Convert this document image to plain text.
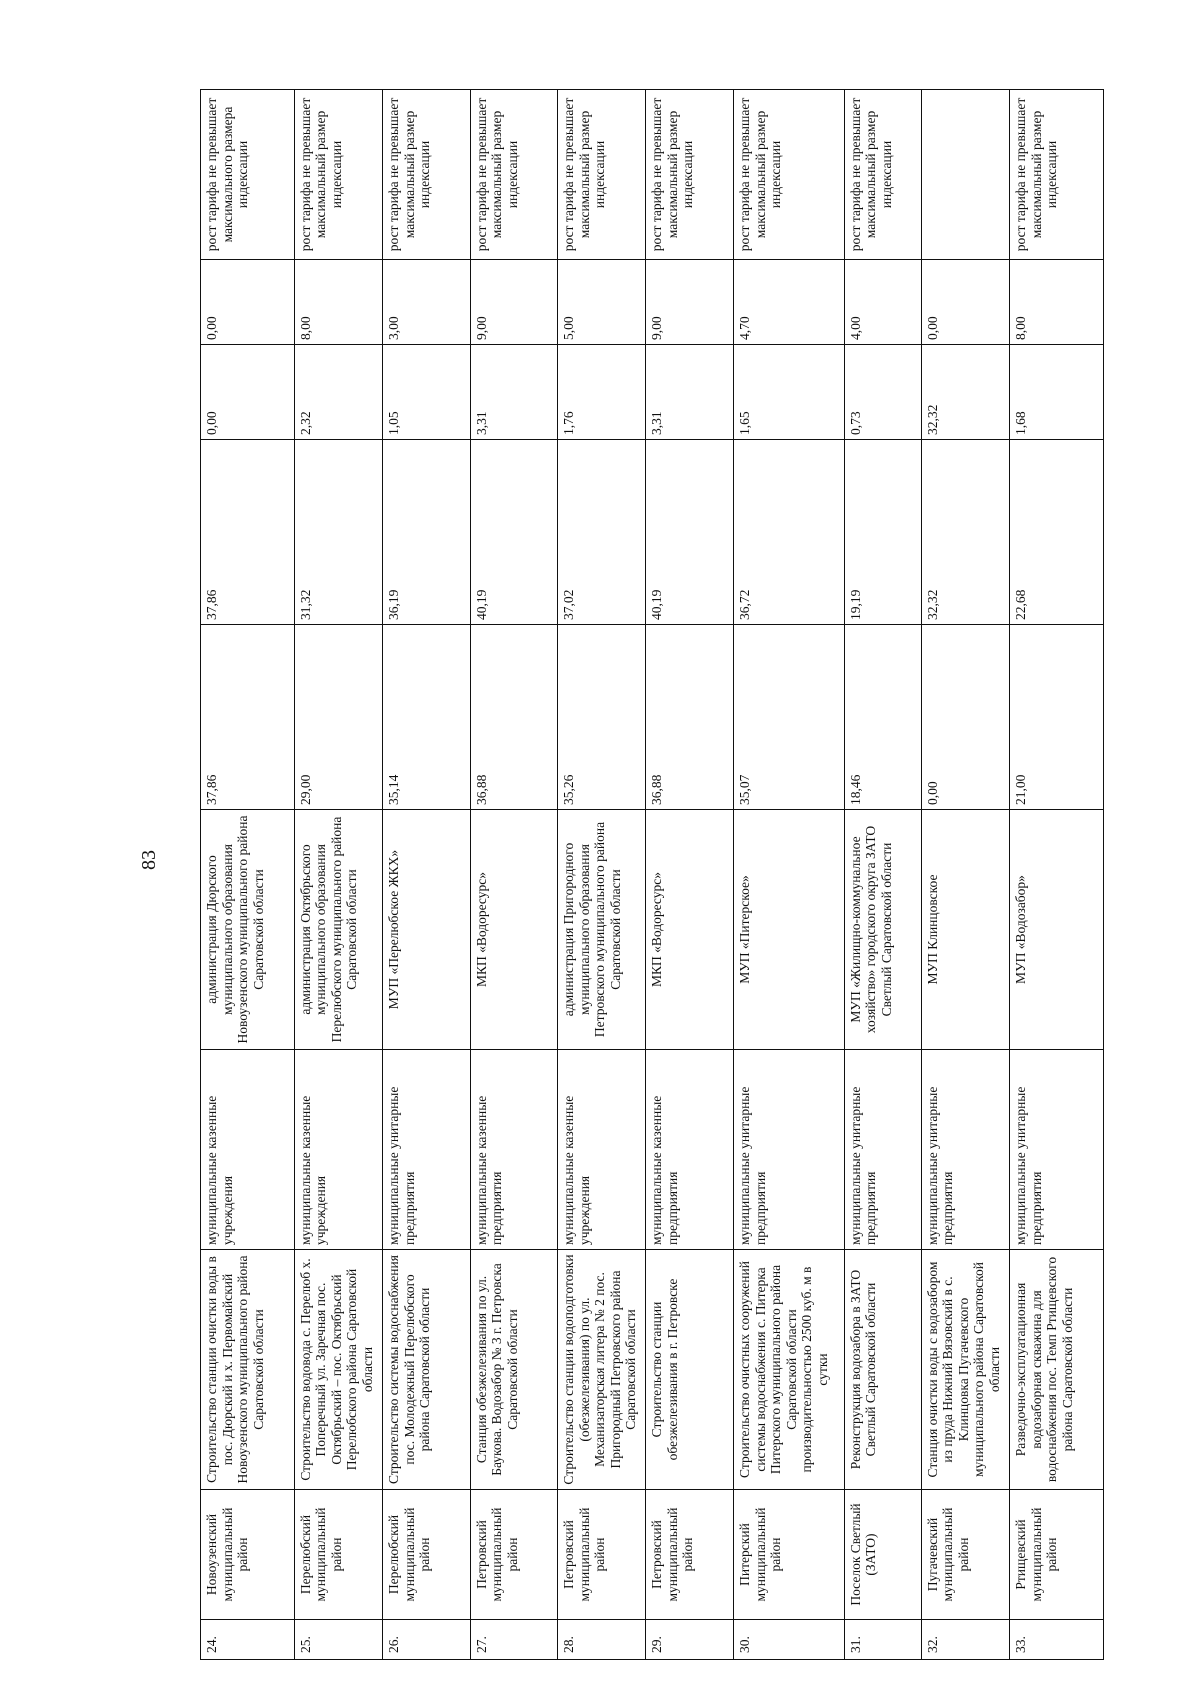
83
24.	Новоузенский муниципальный район	Строительство станции очистки воды в пос. Дюрский и х. Первомайский Новоузенского муниципального района Саратовской области	муниципальные казенные учреждения	администрация Дюрского муниципального образования Новоузенского муниципального района Саратовской области	37,86	37,86	0,00	0,00	рост тарифа не превышает максимального размера индексации
25.	Перелюбский муниципальный район	Строительство водовода с. Перелюб х. Поперечный ул. Заречная пос. Октябрьский – пос. Октябрьский Перелюбского района Саратовской области	муниципальные казенные учреждения	администрация Октябрьского муниципального образования Перелюбского муниципального района Саратовской области	29,00	31,32	2,32	8,00	рост тарифа не превышает максимальный размер индексации
26.	Перелюбский муниципальный район	Строительство системы водоснабжения пос. Молодежный Перелюбского района Саратовской области	муниципальные унитарные предприятия	МУП «Перелюбское ЖКХ»	35,14	36,19	1,05	3,00	рост тарифа не превышает максимальный размер индексации
27.	Петровский муниципальный район	Станция обезжелезивания по ул. Баукова. Водозабор № 3 г. Петровска Саратовской области	муниципальные казенные предприятия	МКП «Водоресурс»	36,88	40,19	3,31	9,00	рост тарифа не превышает максимальный размер индексации
28.	Петровский муниципальный район	Строительство станции водоподготовки (обезжелезивания) по ул. Механизаторская литера № 2 пос. Пригородный Петровского района Саратовской области	муниципальные казенные учреждения	администрация Пригородного муниципального образования Петровского муниципального района Саратовской области	35,26	37,02	1,76	5,00	рост тарифа не превышает максимальный размер индексации
29.	Петровский муниципальный район	Строительство станции обезжелезивания в г. Петровске	муниципальные казенные предприятия	МКП «Водоресурс»	36,88	40,19	3,31	9,00	рост тарифа не превышает максимальный размер индексации
30.	Питерский муниципальный район	Строительство очистных сооружений системы водоснабжения с. Питерка Питерского муниципального района Саратовской области производительностью 2500 куб. м в сутки	муниципальные унитарные предприятия	МУП «Питерское»	35,07	36,72	1,65	4,70	рост тарифа не превышает максимальный размер индексации
31.	Поселок Светлый (ЗАТО)	Реконструкция водозабора в ЗАТО Светлый Саратовской области	муниципальные унитарные предприятия	МУП «Жилищно-коммунальное хозяйство» городского округа ЗАТО Светлый Саратовской области	18,46	19,19	0,73	4,00	рост тарифа не превышает максимальный размер индексации
32.	Пугачевский муниципальный район	Станция очистки воды с водозабором из пруда Нижний Вязовский в с. Клинцовка Пугачевского муниципального района Саратовской области	муниципальные унитарные предприятия	МУП Клинцовское	0,00	32,32	32,32	0,00	
33.	Ртищевский муниципальный район	Разведочно-эксплуатационная водозаборная скважина для водоснабжения пос. Темп Ртищевского района Саратовской области	муниципальные унитарные предприятия	МУП «Водозабор»	21,00	22,68	1,68	8,00	рост тарифа не превышает максимальный размер индексации
